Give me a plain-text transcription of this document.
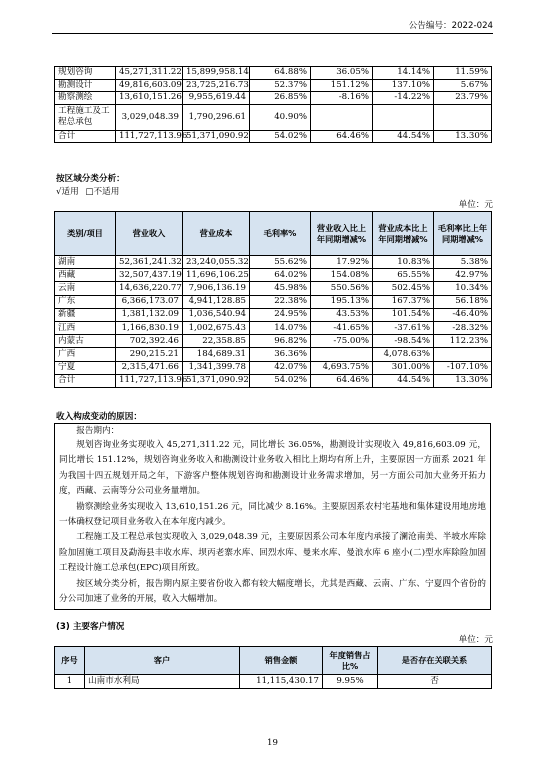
公告编号：2022-024
规划咨询	45,271,311.22	15,899,958.14	64.88%	36.05%	14.14%	11.59%
勘测设计	49,816,603.09	23,725,216.73	52.37%	151.12%	137.10%	5.67%
勘察测绘	13,610,151.26	9,955,619.44	26.85%	-8.16%	-14.22%	23.79%
工程施工及工程总承包	3,029,048.39	1,790,296.61	40.90%			
合计	111,727,113.96	51,371,090.92	54.02%	64.46%	44.54%	13.30%
按区域分类分析：
√适用 □不适用
单位：元
类别/项目	营业收入	营业成本	毛利率%	营业收入比上年同期增减%	营业成本比上年同期增减%	毛利率比上年同期增减%
湖南	52,361,241.32	23,240,055.32	55.62%	17.92%	10.83%	5.38%
西藏	32,507,437.19	11,696,106.25	64.02%	154.08%	65.55%	42.97%
云南	14,636,220.77	7,906,136.19	45.98%	550.56%	502.45%	10.34%
广东	6,366,173.07	4,941,128.85	22.38%	195.13%	167.37%	56.18%
新疆	1,381,132.09	1,036,540.94	24.95%	43.53%	101.54%	-46.40%
江西	1,166,830.19	1,002,675.43	14.07%	-41.65%	-37.61%	-28.32%
内蒙古	702,392.46	22,358.85	96.82%	-75.00%	-98.54%	112.23%
广西	290,215.21	184,689.31	36.36%		4,078.63%	
宁夏	2,315,471.66	1,341,399.78	42.07%	4,693.75%	301.00%	-107.10%
合计	111,727,113.96	51,371,090.92	54.02%	64.46%	44.54%	13.30%
收入构成变动的原因：

报告期内：

规划咨询业务实现收入 45,271,311.22 元，同比增长 36.05%，勘测设计实现收入 49,816,603.09 元，同比增长 151.12%，规划咨询业务收入和勘测设计业务收入相比上期均有所上升，主要原因一方面系 2021 年为我国十四五规划开局之年，下游客户整体规划咨询和勘测设计业务需求增加，另一方面公司加大业务开拓力度，西藏、云南等分公司业务量增加。

勘察测绘业务实现收入 13,610,151.26 元，同比减少 8.16%。主要原因系农村宅基地和集体建设用地房地一体确权登记项目业务收入在本年度内减少。

工程施工及工程总承包实现收入 3,029,048.39 元，主要原因系公司本年度内承接了澜沧南美、半坡水库除险加固施工项目及勐海县丰收水库、坝丙老寨水库、回烈水库、曼来水库、曼浪水库 6 座小(二)型水库除险加固工程设计施工总承包(EPC)项目所致。

按区域分类分析，报告期内原主要省份收入都有较大幅度增长，尤其是西藏、云南、广东、宁夏四个省份的分公司加速了业务的开展，收入大幅增加。

(3) 主要客户情况
单位：元
序号	客户	销售金额	年度销售占比%	是否存在关联关系
1	山南市水利局	11,115,430.17	9.95%	否
19
